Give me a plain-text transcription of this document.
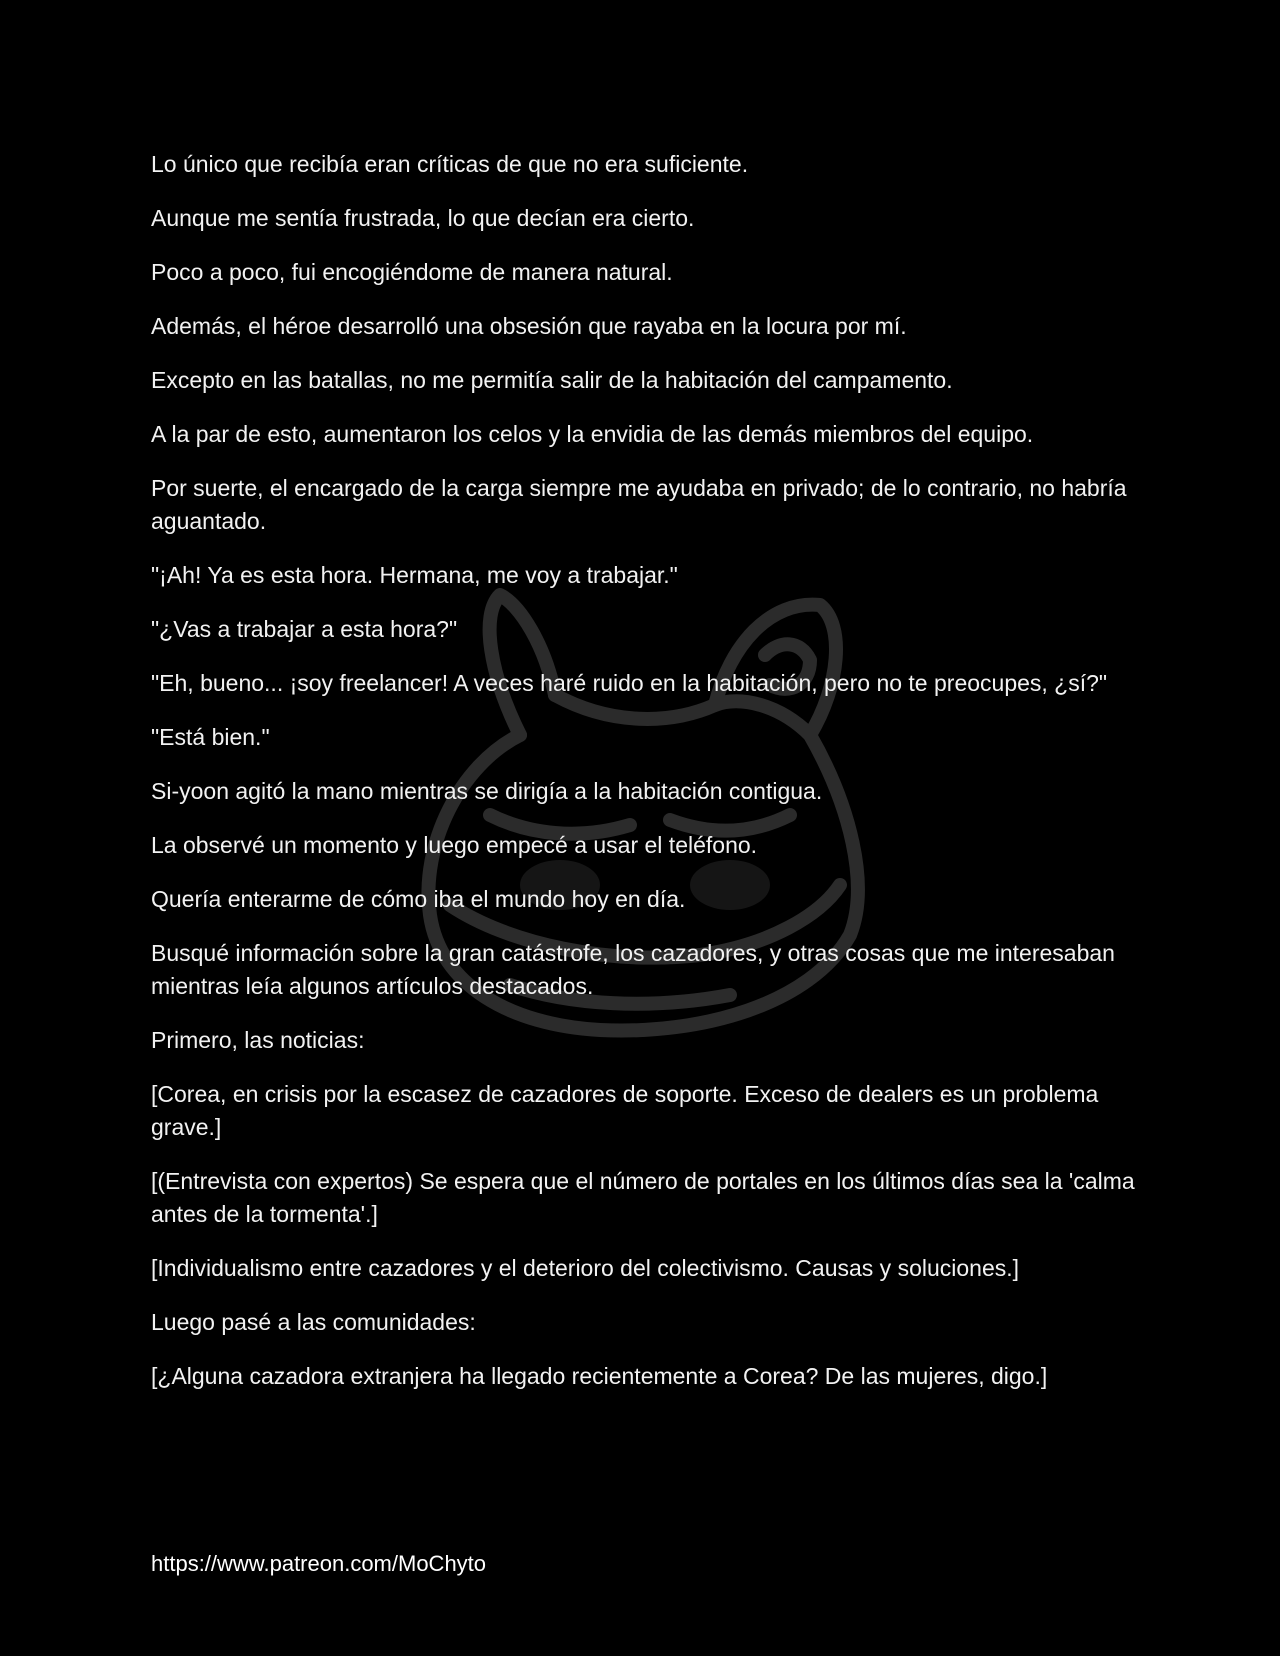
Lo único que recibía eran críticas de que no era suficiente.

Aunque me sentía frustrada, lo que decían era cierto.

Poco a poco, fui encogiéndome de manera natural.

Además, el héroe desarrolló una obsesión que rayaba en la locura por mí.

Excepto en las batallas, no me permitía salir de la habitación del campamento.

A la par de esto, aumentaron los celos y la envidia de las demás miembros del equipo.

Por suerte, el encargado de la carga siempre me ayudaba en privado; de lo contrario, no habría aguantado.

"¡Ah! Ya es esta hora. Hermana, me voy a trabajar."

"¿Vas a trabajar a esta hora?"

"Eh, bueno... ¡soy freelancer! A veces haré ruido en la habitación, pero no te preocupes, ¿sí?"

"Está bien."

Si-yoon agitó la mano mientras se dirigía a la habitación contigua.

La observé un momento y luego empecé a usar el teléfono.

Quería enterarme de cómo iba el mundo hoy en día.

Busqué información sobre la gran catástrofe, los cazadores, y otras cosas que me interesaban mientras leía algunos artículos destacados.

Primero, las noticias:

[Corea, en crisis por la escasez de cazadores de soporte. Exceso de dealers es un problema grave.]

[(Entrevista con expertos) Se espera que el número de portales en los últimos días sea la 'calma antes de la tormenta'.]

[Individualismo entre cazadores y el deterioro del colectivismo. Causas y soluciones.]

Luego pasé a las comunidades:

[¿Alguna cazadora extranjera ha llegado recientemente a Corea? De las mujeres, digo.]

https://www.patreon.com/MoChyto
